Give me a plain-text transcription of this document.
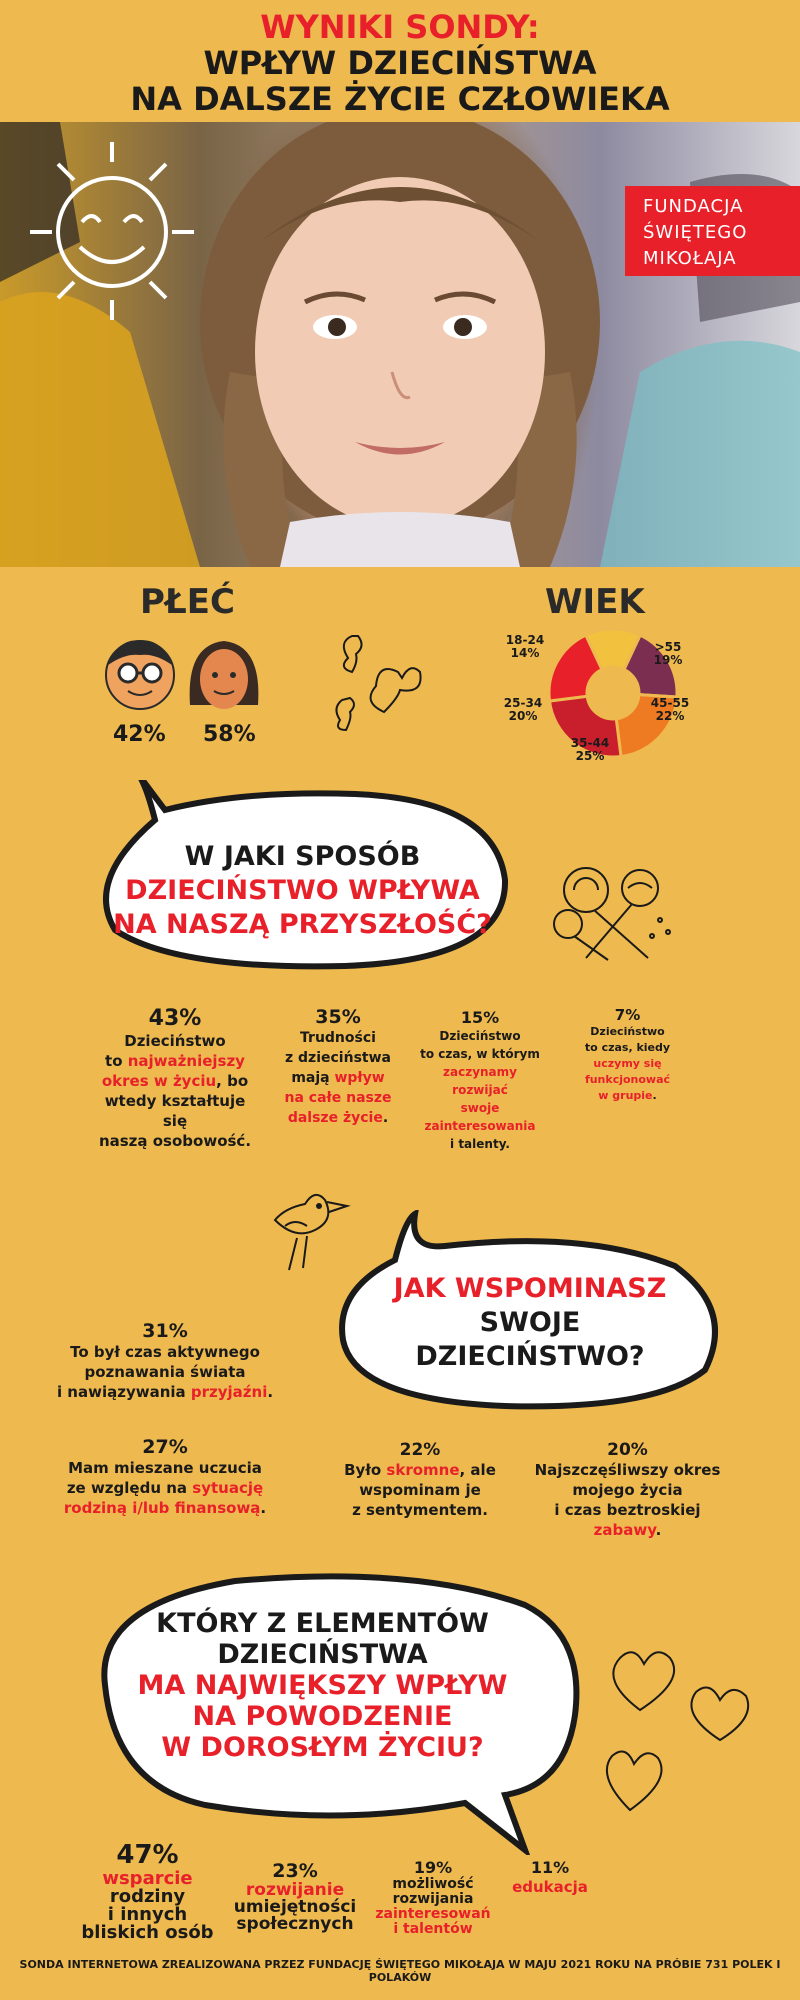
WYNIKI SONDY:
WPŁYW DZIECIŃSTWA
NA DALSZE ŻYCIE CZŁOWIEKA
FUNDACJA
ŚWIĘTEGO
MIKOŁAJA
PŁEĆ
42% 58%
WIEK
18-24
14%	>55
19%
45-55
22%
35-44
25%
25-34
20%
W JAKI SPOSÓB
DZIECIŃSTWO WPŁYWA
NA NASZĄ PRZYSZŁOŚĆ?
43%
Dzieciństwo
to najważniejszy
okres w życiu, bo
wtedy kształtuje się
naszą osobowość.
35%
Trudności
z dzieciństwa
mają wpływ
na całe nasze
dalsze życie.
15%
Dzieciństwo
to czas, w którym
zaczynamy rozwijać
swoje
zainteresowania
i talenty.
7%
Dzieciństwo
to czas, kiedy
uczymy się
funkcjonować
w grupie.
JAK WSPOMINASZ
SWOJE
DZIECIŃSTWO?
31%
To był czas aktywnego
poznawania świata
i nawiązywania przyjaźni.
27%
Mam mieszane uczucia
ze względu na sytuację
rodziną i/lub finansową.
22%
Było skromne, ale
wspominam je
z sentymentem.
20%
Najszczęśliwszy okres
mojego życia
i czas beztroskiej zabawy.
KTÓRY Z ELEMENTÓW
DZIECIŃSTWA
MA NAJWIĘKSZY WPŁYW
NA POWODZENIE
W DOROSŁYM ŻYCIU?
47%
wsparcie
rodziny
i innych
bliskich osób
23%
rozwijanie
umiejętności
społecznych
19%
możliwość
rozwijania
zainteresowań
i talentów
11%
edukacja
SONDA INTERNETOWA ZREALIZOWANA PRZEZ FUNDACJĘ ŚWIĘTEGO MIKOŁAJA W MAJU 2021 ROKU NA PRÓBIE 731 POLEK I POLAKÓW
